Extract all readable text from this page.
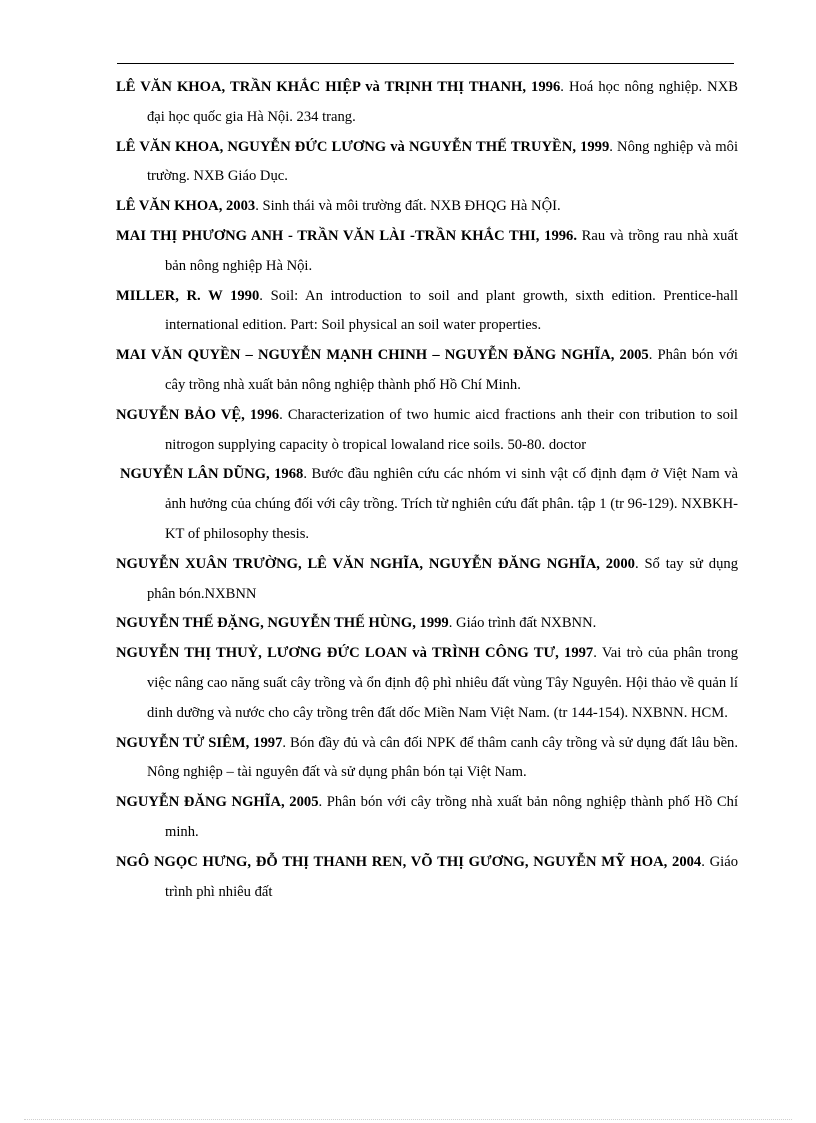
LÊ VĂN KHOA, TRẦN KHẮC HIỆP và TRỊNH THỊ THANH, 1996. Hoá học nông nghiệp. NXB đại học quốc gia Hà Nội. 234 trang.

LÊ VĂN KHOA, NGUYỄN ĐỨC LƯƠNG và NGUYỄN THẾ TRUYỀN, 1999. Nông nghiệp và môi trường. NXB Giáo Dục.

LÊ VĂN KHOA, 2003. Sinh thái và môi trường đất. NXB ĐHQG Hà NỘI.

MAI THỊ PHƯƠNG ANH - TRẦN VĂN LÀI -TRẦN KHẮC THI, 1996. Rau và trồng rau nhà xuất bản nông nghiệp Hà Nội.

MILLER, R. W 1990. Soil: An introduction to soil and plant growth, sixth edition. Prentice-hall international edition. Part: Soil physical an soil water properties.

MAI VĂN QUYỀN – NGUYỄN MẠNH CHINH – NGUYỄN ĐĂNG NGHĨA, 2005. Phân bón với cây trồng nhà xuất bản nông nghiệp thành phố Hồ Chí Minh.

NGUYỄN BẢO VỆ, 1996. Characterization of two humic aicd fractions anh their con tribution to soil nitrogon supplying capacity ò tropical lowaland rice soils. 50-80. doctor

NGUYỄN LÂN DŨNG, 1968. Bước đầu nghiên cứu các nhóm vi sinh vật cố định đạm ở Việt Nam và ảnh hưởng của chúng đối với cây trồng. Trích từ nghiên cứu đất phân. tập 1 (tr 96-129). NXBKH-KT of philosophy thesis.

NGUYỄN XUÂN TRƯỜNG, LÊ VĂN NGHĨA, NGUYỄN ĐĂNG NGHĨA, 2000. Sổ tay sử dụng phân bón.NXBNN

NGUYỄN THẾ ĐẶNG, NGUYỄN THẾ HÙNG, 1999. Giáo trình đất NXBNN.

NGUYỄN THỊ THUỶ, LƯƠNG ĐỨC LOAN và TRÌNH CÔNG TƯ, 1997. Vai trò của phân trong việc nâng cao năng suất cây trồng và ổn định độ phì nhiêu đất vùng Tây Nguyên. Hội thảo về quản lí dinh dưỡng và nước cho cây trồng trên đất dốc Miền Nam Việt Nam. (tr 144-154). NXBNN. HCM.

NGUYỄN TỬ SIÊM, 1997. Bón đầy đủ và cân đối NPK để thâm canh cây trồng và sử dụng đất lâu bền. Nông nghiệp – tài nguyên đất và sử dụng phân bón tại Việt Nam.

NGUYỄN ĐĂNG NGHĨA, 2005. Phân bón với cây trồng nhà xuất bản nông nghiệp thành phố Hồ Chí minh.

NGÔ NGỌC HƯNG, ĐỖ THỊ THANH REN, VÕ THỊ GƯƠNG, NGUYỄN MỸ HOA, 2004. Giáo trình phì nhiêu đất
